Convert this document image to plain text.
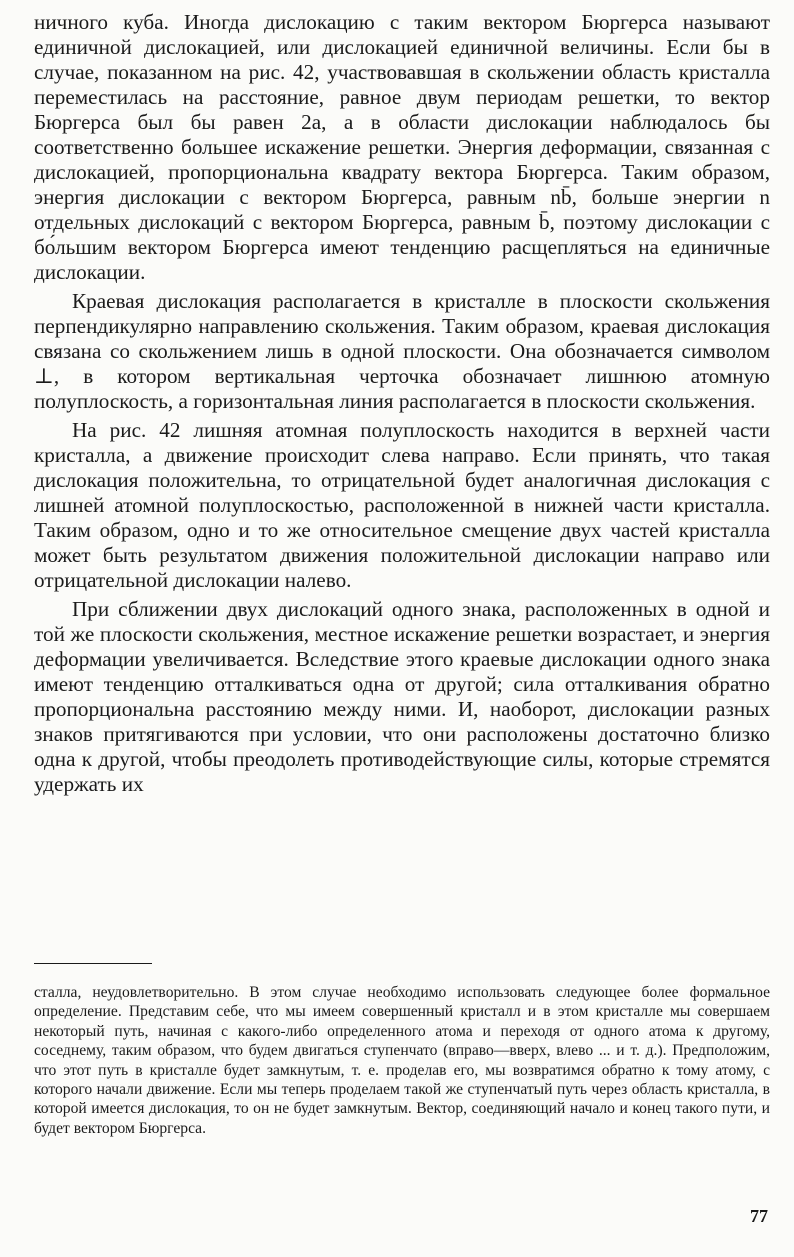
ничного куба. Иногда дислокацию с таким вектором Бюргерса называют единичной дислокацией, или дислокацией единичной величины. Если бы в случае, показанном на рис. 42, участвовавшая в скольжении область кристалла переместилась на расстояние, равное двум периодам решетки, то вектор Бюргерса был бы равен 2a, а в области дислокации наблюдалось бы соответственно большее искажение решетки. Энергия деформации, связанная с дислокацией, пропорциональна квадрату вектора Бюргерса. Таким образом, энергия дислокации с вектором Бюргерса, равным nb̄, больше энергии n отдельных дислокаций с вектором Бюргерса, равным b̄, поэтому дислокации с бо́льшим вектором Бюргерса имеют тенденцию расщепляться на единичные дислокации.

Краевая дислокация располагается в кристалле в плоскости скольжения перпендикулярно направлению скольжения. Таким образом, краевая дислокация связана со скольжением лишь в одной плоскости. Она обозначается символом ⊥, в котором вертикальная черточка обозначает лишнюю атомную полуплоскость, а горизонтальная линия располагается в плоскости скольжения.

На рис. 42 лишняя атомная полуплоскость находится в верхней части кристалла, а движение происходит слева направо. Если принять, что такая дислокация положительна, то отрицательной будет аналогичная дислокация с лишней атомной полуплоскостью, расположенной в нижней части кристалла. Таким образом, одно и то же относительное смещение двух частей кристалла может быть результатом движения положительной дислокации направо или отрицательной дислокации налево.

При сближении двух дислокаций одного знака, расположенных в одной и той же плоскости скольжения, местное искажение решетки возрастает, и энергия деформации увеличивается. Вследствие этого краевые дислокации одного знака имеют тенденцию отталкиваться одна от другой; сила отталкивания обратно пропорциональна расстоянию между ними. И, наоборот, дислокации разных знаков притягиваются при условии, что они расположены достаточно близко одна к другой, чтобы преодолеть противодействующие силы, которые стремятся удержать их

сталла, неудовлетворительно. В этом случае необходимо использовать следующее более формальное определение. Представим себе, что мы имеем совершенный кристалл и в этом кристалле мы совершаем некоторый путь, начиная с какого-либо определенного атома и переходя от одного атома к другому, соседнему, таким образом, что будем двигаться ступенчато (вправо—вверх, влево ... и т. д.). Предположим, что этот путь в кристалле будет замкнутым, т. е. проделав его, мы возвратимся обратно к тому атому, с которого начали движение. Если мы теперь проделаем такой же ступенчатый путь через область кристалла, в которой имеется дислокация, то он не будет замкнутым. Вектор, соединяющий начало и конец такого пути, и будет вектором Бюргерса.

77
